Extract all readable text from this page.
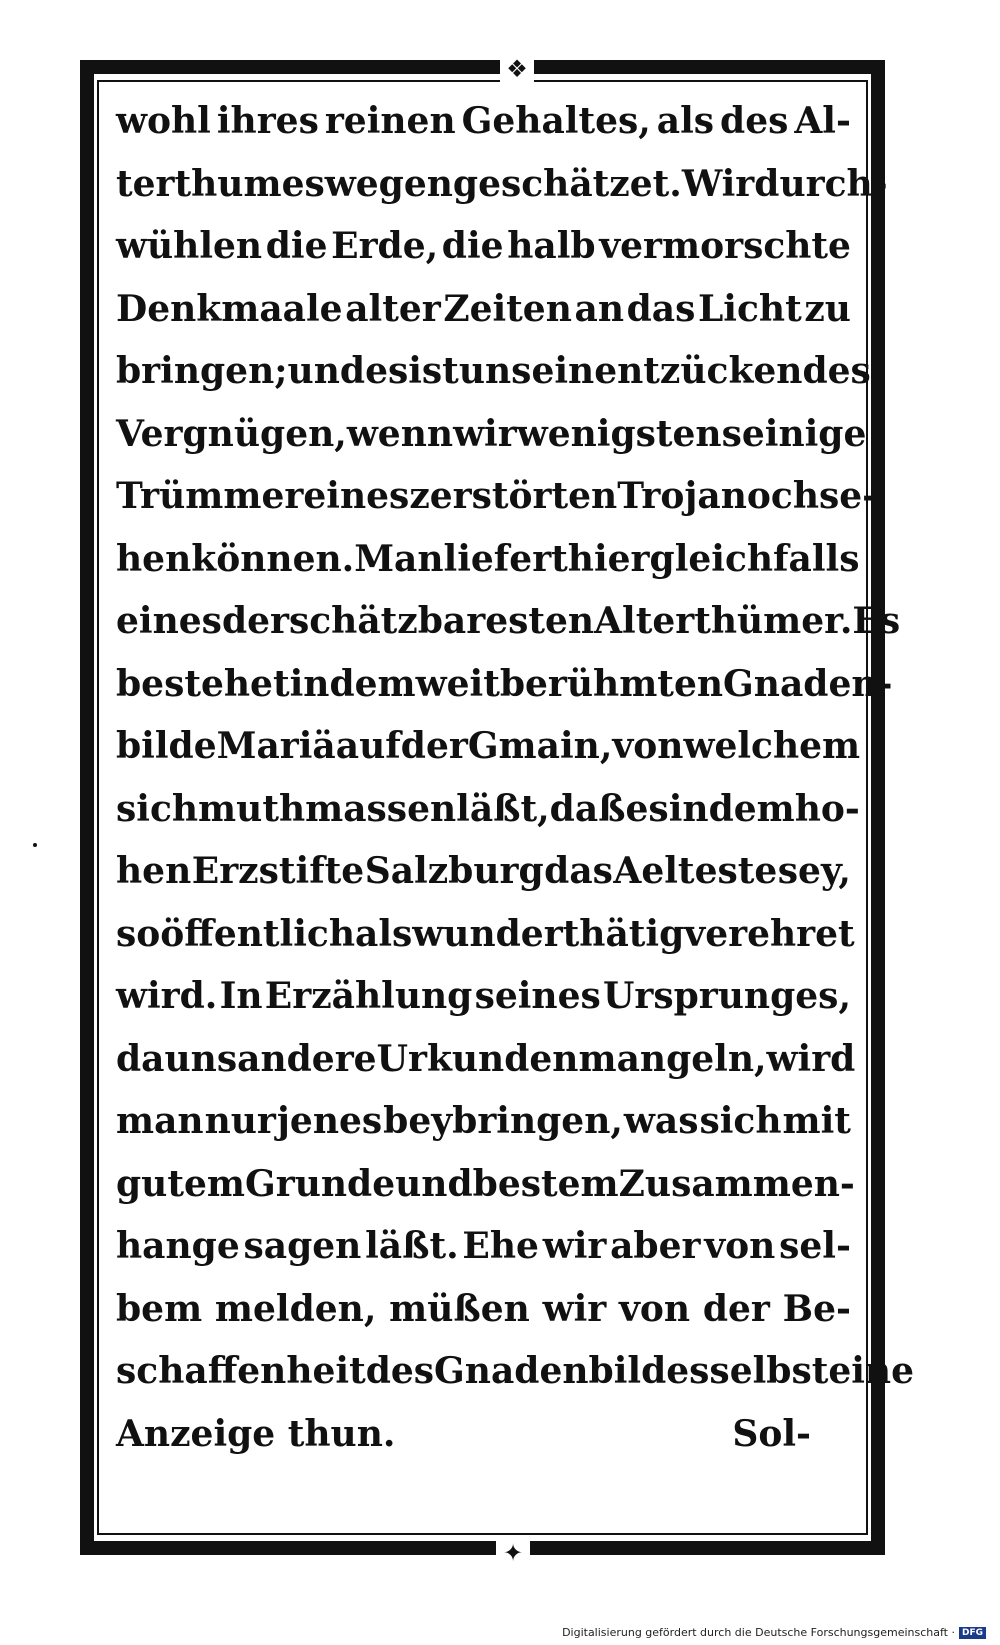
❖
✦
wohl ihres reinen Gehaltes, als des Al-
terthumes wegen geschätzet. Wir durch-
wühlen die Erde, die halb vermorschte
Denkmaale alter Zeiten an das Licht zu
bringen; und es ist uns ein entzückendes
Vergnügen, wenn wir wenigstens einige
Trümmer eines zerstörten Troja noch se-
hen können. Man liefert hier gleichfalls
eines der schätzbaresten Alterthümer. Es
bestehet in dem weit berühmten Gnaden-
bilde Mariä auf der Gmain, von welchem
sich muthmassen läßt, daß es in dem ho-
hen Erzstifte Salzburg das Aelteste sey,
so öffentlich als wunderthätig verehret
wird. In Erzählung seines Ursprunges,
da uns andere Urkunden mangeln, wird
man nur jenes beybringen, was sich mit
gutem Grunde und bestem Zusammen-
hange sagen läßt. Ehe wir aber von sel-
bem melden, müßen wir von der Be-
schaffenheit des Gnadenbildes selbst eine
Anzeige thun.	Sol-
Digitalisierung gefördert durch die Deutsche Forschungsgemeinschaft · DFG
